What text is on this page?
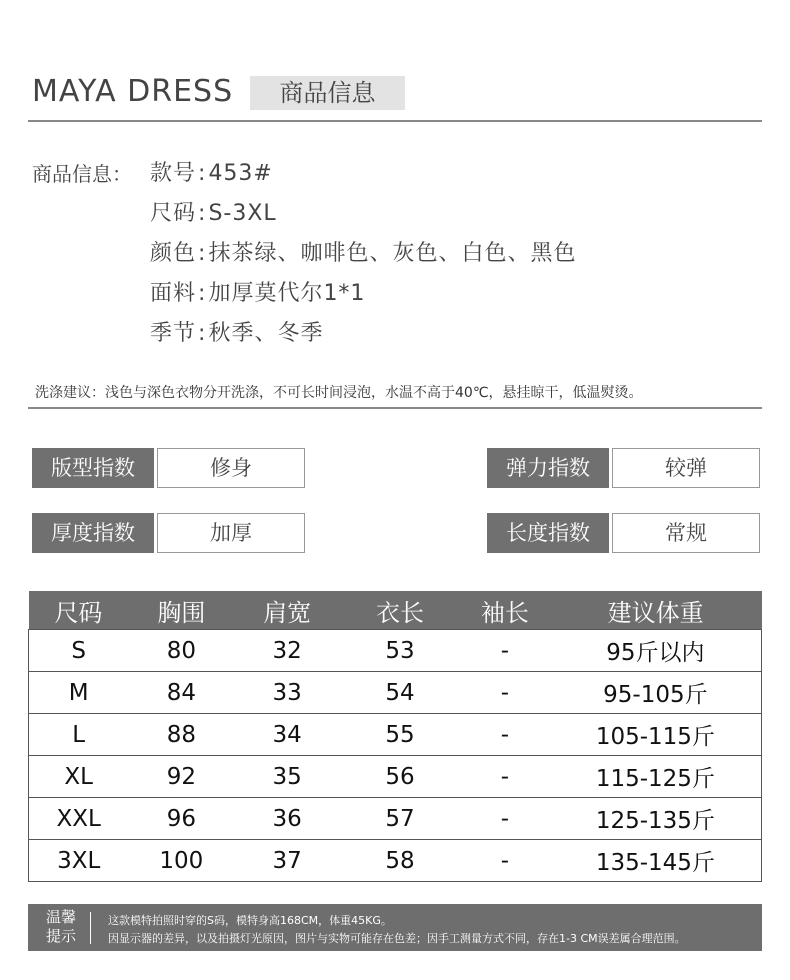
MAYA DRESS	商品信息
商品信息： 款号:453#
尺码:S-3XL
颜色:抹茶绿、咖啡色、灰色、白色、黑色
面料:加厚莫代尔1*1
季节:秋季、冬季
洗涤建议：浅色与深色衣物分开洗涤，不可长时间浸泡，水温不高于40℃，悬挂晾干，低温熨烫。
版型指数	修身	弹力指数	较弹
厚度指数	加厚	长度指数	常规
尺码	胸围	肩宽	衣长	袖长	建议体重
S	80	32	53	-	95斤以内
M	84	33	54	-	95-105斤
L	88	34	55	-	105-115斤
XL	92	35	56	-	115-125斤
XXL	96	36	57	-	125-135斤
3XL	100	37	58	-	135-145斤
温馨
提示
这款模特拍照时穿的S码，模特身高168CM，体重45KG。
因显示器的差异，以及拍摄灯光原因，图片与实物可能存在色差；因手工测量方式不同，存在1-3 CM误差属合理范围。
